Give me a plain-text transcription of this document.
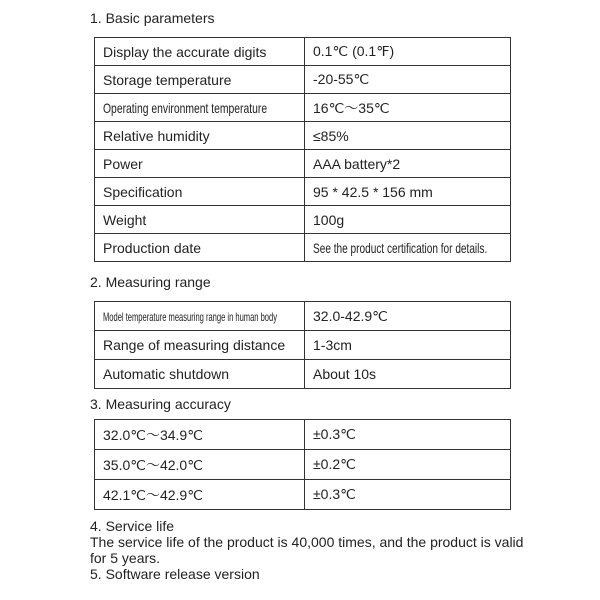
1. Basic parameters
Display the accurate digits	0.1℃ (0.1℉)
Storage temperature	-20-55℃
Operating environment temperature	16℃～35℃
Relative humidity	≤85%
Power	AAA battery*2
Specification	95 * 42.5 * 156 mm
Weight	100g
Production date	See the product certification for details.
2. Measuring range
Model temperature measuring range in human body	32.0-42.9℃
Range of measuring distance	1-3cm
Automatic shutdown	About 10s
3. Measuring accuracy
32.0℃～34.9℃	±0.3℃
35.0℃～42.0℃	±0.2℃
42.1℃～42.9℃	±0.3℃
4. Service life
The service life of the product is 40,000 times, and the product is valid for 5 years.
5. Software release version
